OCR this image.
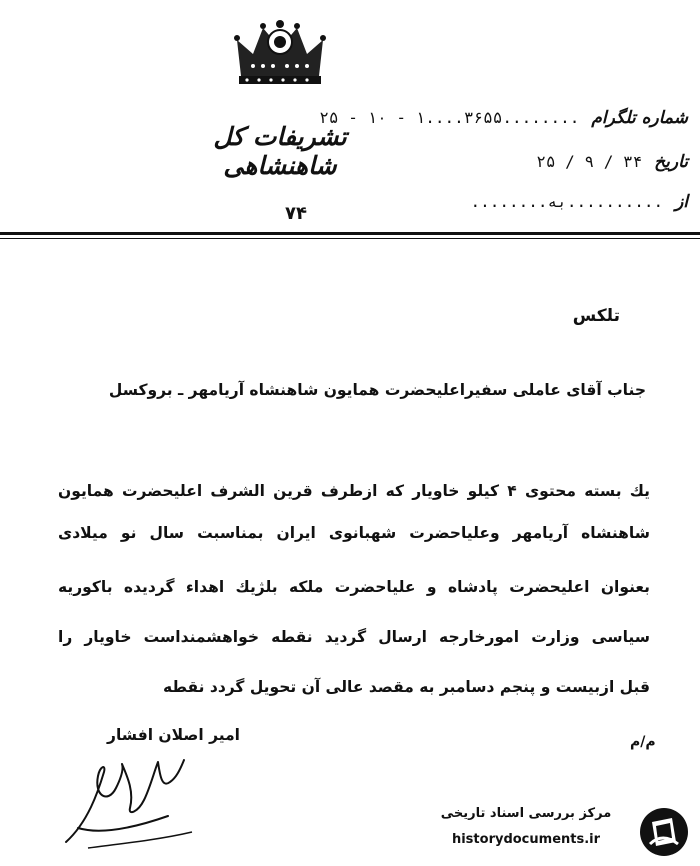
تشریفات کل شاهنشاهی
شماره تلگرام ........۳۶۵۵....۱ - ۱۰ - ۲۵
تاریخ ۳۴ / ۹ / ۲۵
از ..........به........
۷۴
تلکس
جناب آقای عاملی سفیراعلیحضرت همایون شاهنشاه آریامهر ـ بروکسل
یك بسته محتوی ۴ کیلو خاویار که ازطرف قرین الشرف اعلیحضرت همایون
شاهنشاه آریامهر وعلیاحضرت شهبانوی ایران بمناسبت سال نو میلادی
بعنوان اعلیحضرت پادشاه و علیاحضرت ملکه بلژیك اهداء گردیده باکوریه
سیاسی وزارت امورخارجه ارسال گردید نقطه خواهشمنداست خاویار را
قبل ازبیست و پنجم دسامبر به مقصد عالی آن تحویل گردد نقطه
امیر اصلان افشار	م/م
مرکز بررسی اسناد تاریخی
historydocuments.ir
